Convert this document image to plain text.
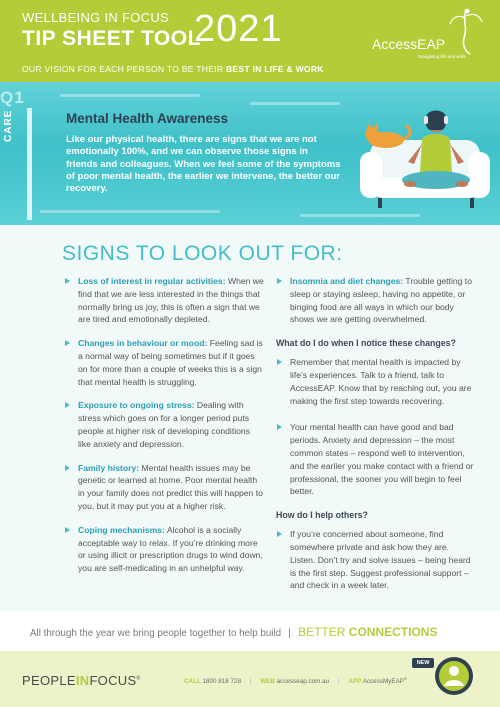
WELLBEING IN FOCUS
TIP SHEET TOOL
2021
OUR VISION FOR EACH PERSON TO BE THEIR BEST IN LIFE & WORK
AccessEAP
Navigating life and work
Q1
CARE	Mental Health Awareness
Like our physical health, there are signs that we are not emotionally 100%, and we can observe those signs in friends and colleagues. When we feel some of the symptoms of poor mental health, the earlier we intervene, the better our recovery.
SIGNS TO LOOK OUT FOR:
Loss of interest in regular activities: When we find that we are less interested in the things that normally bring us joy, this is often a sign that we are tired and emotionally depleted.
Changes in behaviour or mood: Feeling sad is a normal way of being sometimes but if it goes on for more than a couple of weeks this is a sign that mental health is struggling.
Exposure to ongoing stress: Dealing with stress which goes on for a longer period puts people at higher risk of developing conditions like anxiety and depression.
Family history: Mental health issues may be genetic or learned at home. Poor mental health in your family does not predict this will happen to you, but it may put you at a higher risk.
Coping mechanisms: Alcohol is a socially acceptable way to relax. If you’re drinking more or using illicit or prescription drugs to wind down, you are self-medicating in an unhelpful way.
Insomnia and diet changes: Trouble getting to sleep or staying asleep, having no appetite, or binging food are all ways in which our body shows we are getting overwhelmed.
What do I do when I notice these changes?
Remember that mental health is impacted by life’s experiences. Talk to a friend, talk to AccessEAP. Know that by reaching out, you are making the first step towards recovering.
Your mental health can have good and bad periods. Anxiety and depression – the most common states – respond well to intervention, and the earlier you make contact with a friend or professional, the sooner you will begin to feel better.
How do I help others?
If you’re concerned about someone, find somewhere private and ask how they are. Listen. Don’t try and solve issues – being heard is the first step. Suggest professional support – and check in a week later.
All through the year we bring people together to help build BETTER CONNECTIONS
PEOPLEINFOCUS®	CALL 1800 818 728 | WEB accesseap.com.au | APP AccessMyEAP®
NEW
